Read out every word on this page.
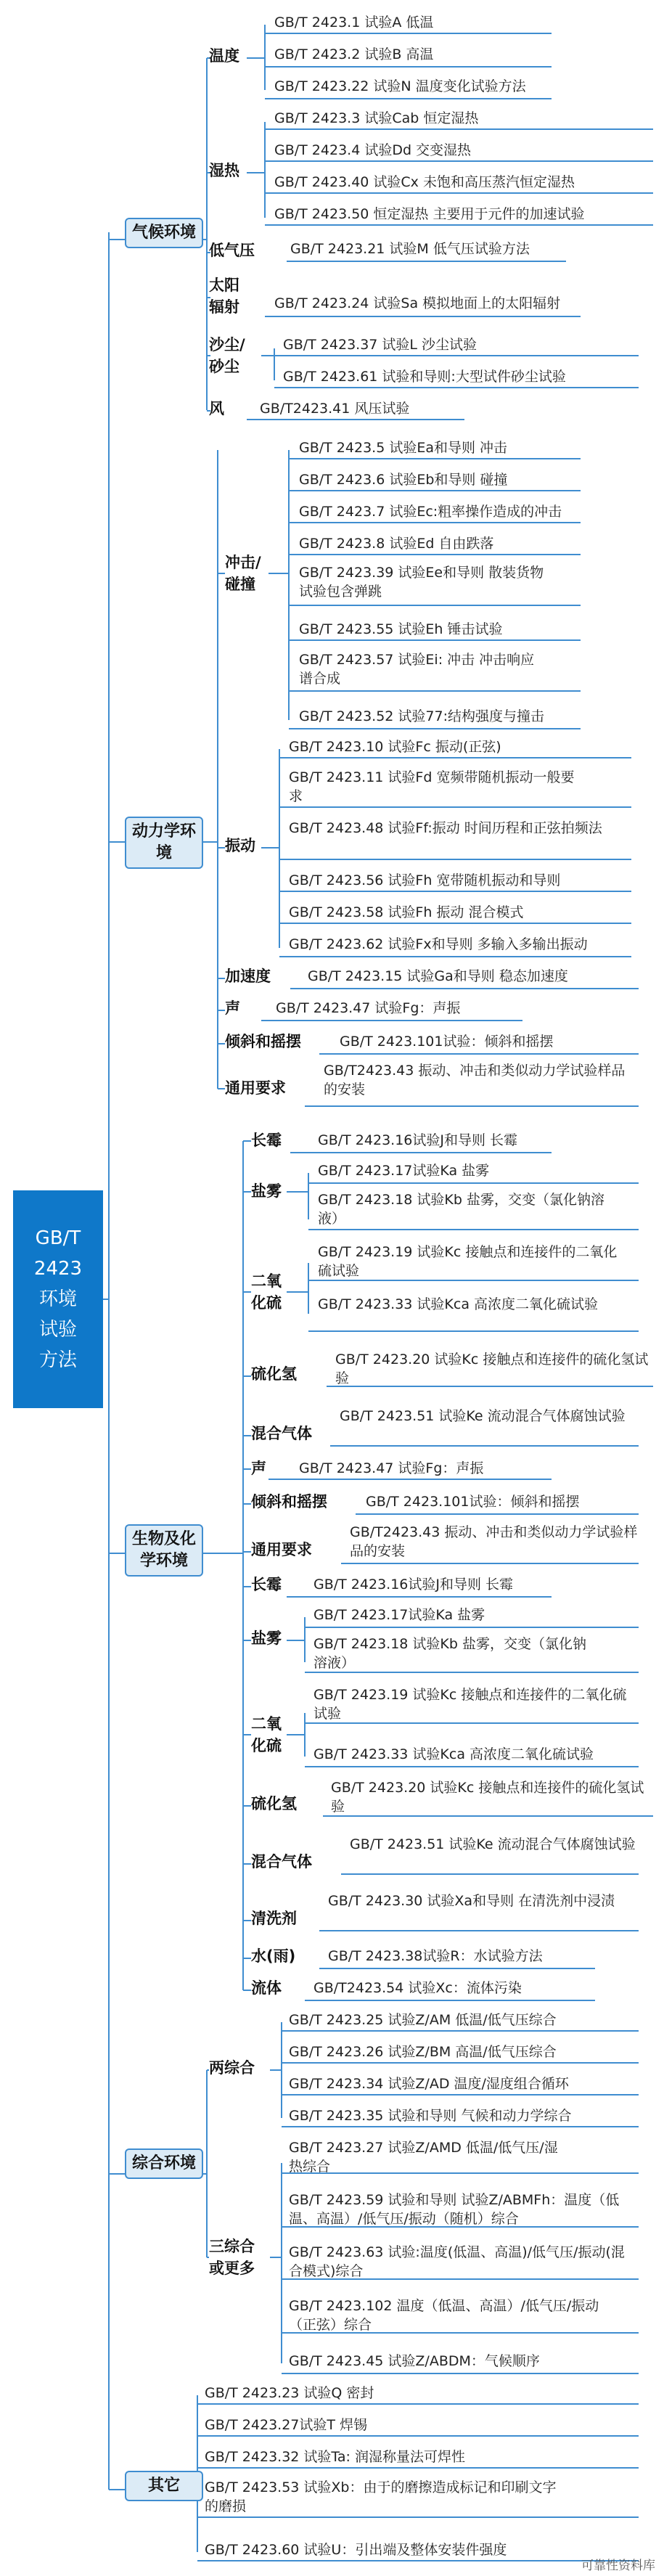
GB/T
2423
环境
试验
方法
气候环境
动力学环境
生物及化学环境
综合环境
其它
温度
GB/T 2423.1 试验A 低温
GB/T 2423.2 试验B 高温
GB/T 2423.22 试验N 温度变化试验方法
湿热
GB/T 2423.3 试验Cab 恒定湿热
GB/T 2423.4 试验Dd 交变湿热
GB/T 2423.40 试验Cx 未饱和高压蒸汽恒定湿热
GB/T 2423.50 恒定湿热 主要用于元件的加速试验
低气压	GB/T 2423.21 试验M 低气压试验方法
太阳
辐射	GB/T 2423.24 试验Sa 模拟地面上的太阳辐射
沙尘/
砂尘
GB/T 2423.37 试验L 沙尘试验
GB/T 2423.61 试验和导则:大型试件砂尘试验
风	GB/T2423.41 风压试验
冲击/
碰撞
GB/T 2423.5 试验Ea和导则 冲击
GB/T 2423.6 试验Eb和导则 碰撞
GB/T 2423.7 试验Ec:粗率操作造成的冲击
GB/T 2423.8 试验Ed 自由跌落
GB/T 2423.39 试验Ee和导则 散装货物试验包含弹跳
GB/T 2423.55 试验Eh 锤击试验
GB/T 2423.57 试验Ei: 冲击 冲击响应谱合成
GB/T 2423.52 试验77:结构强度与撞击
振动
GB/T 2423.10 试验Fc 振动(正弦)
GB/T 2423.11 试验Fd 宽频带随机振动一般要求
GB/T 2423.48 试验Ff:振动 时间历程和正弦拍频法
GB/T 2423.56 试验Fh 宽带随机振动和导则
GB/T 2423.58 试验Fh 振动 混合模式
GB/T 2423.62 试验Fx和导则 多输入多输出振动
加速度	GB/T 2423.15 试验Ga和导则 稳态加速度
声	GB/T 2423.47 试验Fg：声振
倾斜和摇摆	GB/T 2423.101试验：倾斜和摇摆
通用要求
GB/T2423.43 振动、冲击和类似动力学试验样品的安装
长霉	GB/T 2423.16试验J和导则 长霉
盐雾
GB/T 2423.17试验Ka 盐雾
GB/T 2423.18 试验Kb 盐雾，交变（氯化钠溶液）
二氧
化硫
GB/T 2423.19 试验Kc 接触点和连接件的二氧化硫试验
GB/T 2423.33 试验Kca 高浓度二氧化硫试验
硫化氢
GB/T 2423.20 试验Kc 接触点和连接件的硫化氢试验
混合气体
GB/T 2423.51 试验Ke 流动混合气体腐蚀试验
声 GB/T 2423.47 试验Fg：声振
倾斜和摇摆	GB/T 2423.101试验：倾斜和摇摆
通用要求
GB/T2423.43 振动、冲击和类似动力学试验样品的安装
长霉 GB/T 2423.16试验J和导则 长霉
盐雾
GB/T 2423.17试验Ka 盐雾
GB/T 2423.18 试验Kb 盐雾，交变（氯化钠溶液）
二氧
化硫
GB/T 2423.19 试验Kc 接触点和连接件的二氧化硫试验
GB/T 2423.33 试验Kca 高浓度二氧化硫试验
硫化氢
GB/T 2423.20 试验Kc 接触点和连接件的硫化氢试验
混合气体
GB/T 2423.51 试验Ke 流动混合气体腐蚀试验
清洗剂
GB/T 2423.30 试验Xa和导则 在清洗剂中浸渍
水(雨) GB/T 2423.38试验R：水试验方法
流体 GB/T2423.54 试验Xc：流体污染
两综合
GB/T 2423.25 试验Z/AM 低温/低气压综合
GB/T 2423.26 试验Z/BM 高温/低气压综合
GB/T 2423.34 试验Z/AD 温度/湿度组合循环
GB/T 2423.35 试验和导则 气候和动力学综合
三综合
或更多
GB/T 2423.27 试验Z/AMD 低温/低气压/湿热综合
GB/T 2423.59 试验和导则 试验Z/ABMFh：温度（低温、高温）/低气压/振动（随机）综合
GB/T 2423.63 试验:温度(低温、高温)/低气压/振动(混合模式)综合
GB/T 2423.102 温度（低温、高温）/低气压/振动（正弦）综合
GB/T 2423.45 试验Z/ABDM：气候顺序
GB/T 2423.23 试验Q 密封
GB/T 2423.27试验T 焊锡
GB/T 2423.32 试验Ta: 润湿称量法可焊性
GB/T 2423.53 试验Xb：由于的磨擦造成标记和印刷文字的磨损
GB/T 2423.60 试验U：引出端及整体安装件强度
可靠性资料库
